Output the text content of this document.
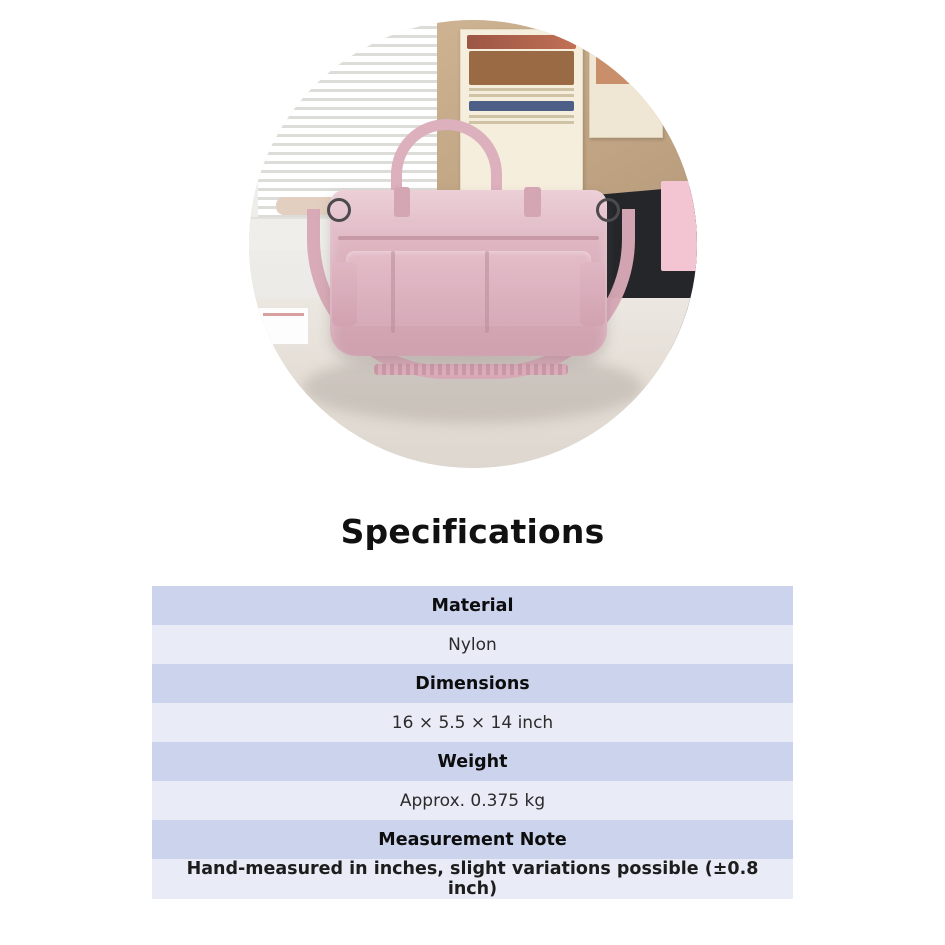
Specifications
Material
Nylon
Dimensions
16 × 5.5 × 14 inch
Weight
Approx. 0.375 kg
Measurement Note
Hand-measured in inches, slight variations possible (±0.8 inch)
